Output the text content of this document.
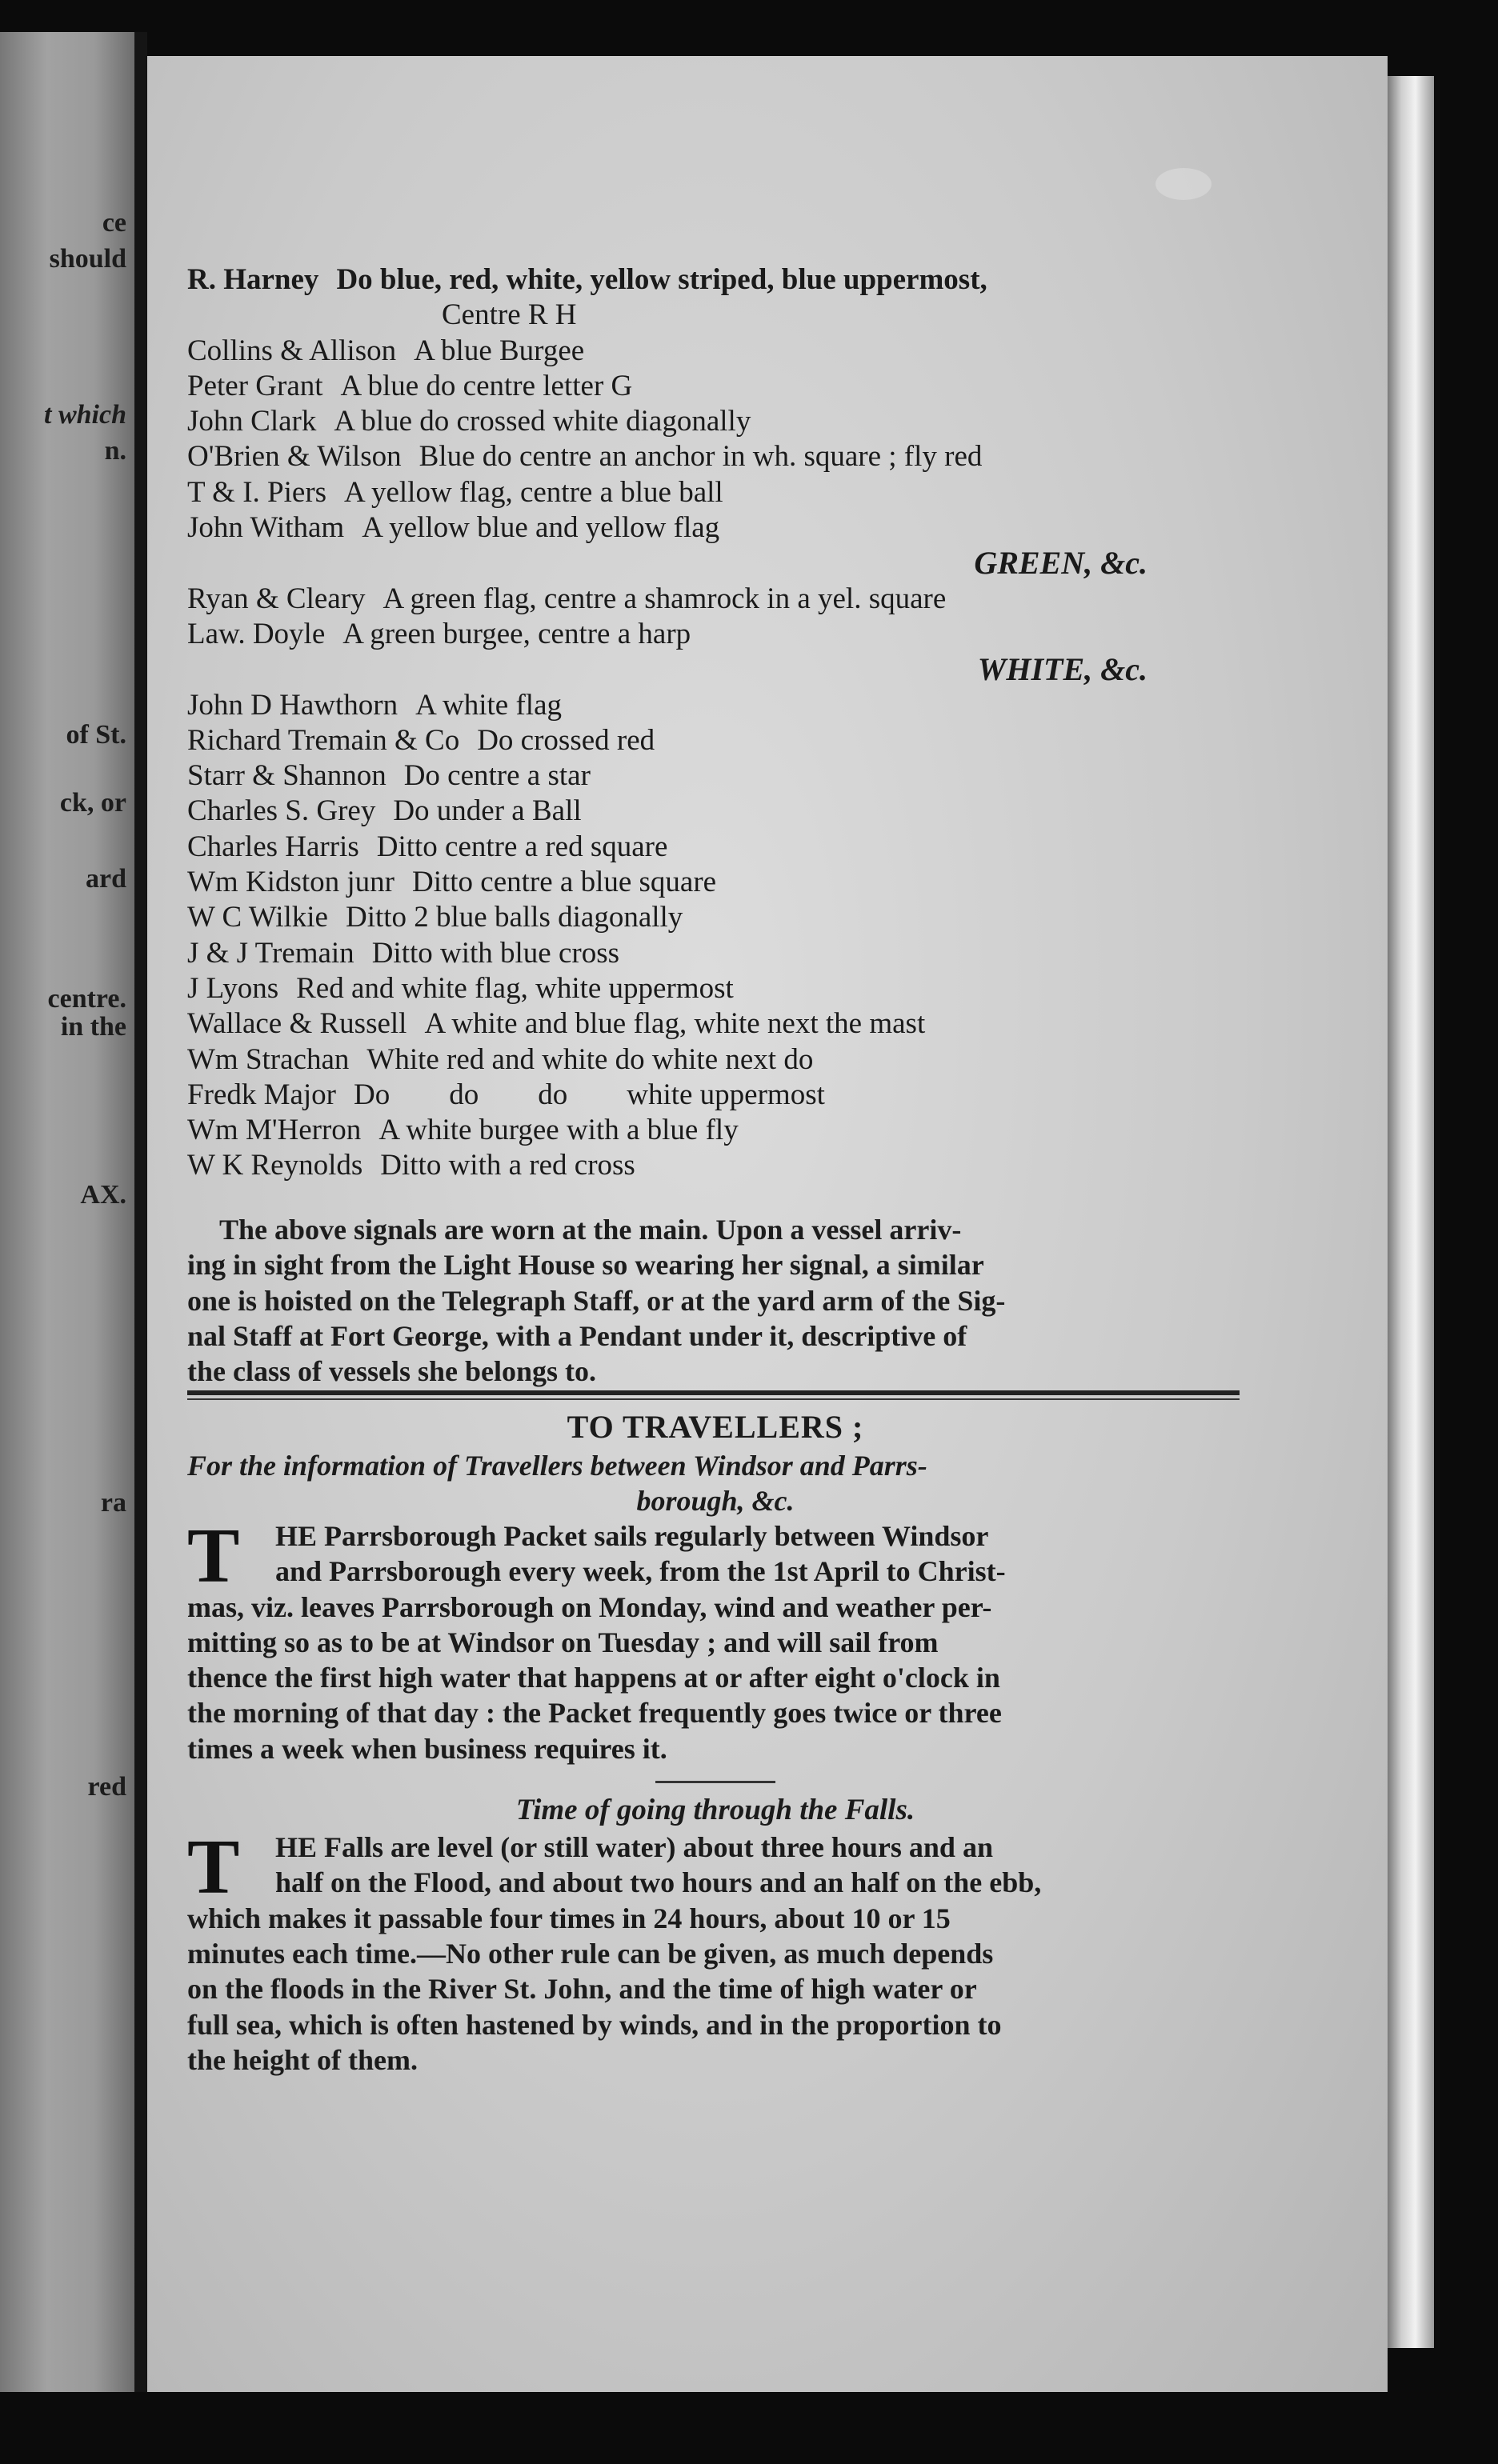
ce
should
t which
n.
of St.
ck, or
ard
centre.
in the
AX.
ra
red
R. Harney Do blue, red, white, yellow striped, blue uppermost,
Centre R H
Collins & Allison A blue Burgee
Peter Grant A blue do centre letter G
John Clark A blue do crossed white diagonally
O'Brien & Wilson Blue do centre an anchor in wh. square ; fly red
T & I. Piers A yellow flag, centre a blue ball
John Witham A yellow blue and yellow flag
GREEN, &c.
Ryan & Cleary A green flag, centre a shamrock in a yel. square
Law. Doyle A green burgee, centre a harp
WHITE, &c.
John D Hawthorn A white flag
Richard Tremain & Co Do crossed red
Starr & Shannon Do centre a star
Charles S. Grey Do under a Ball
Charles Harris Ditto centre a red square
Wm Kidston junr Ditto centre a blue square
W C Wilkie Ditto 2 blue balls diagonally
J & J Tremain Ditto with blue cross
J Lyons Red and white flag, white uppermost
Wallace & Russell A white and blue flag, white next the mast
Wm Strachan White red and white do white next do
Fredk Major Do        do        do        white uppermost
Wm M'Herron A white burgee with a blue fly
W K Reynolds Ditto with a red cross
The above signals are worn at the main. Upon a vessel arriv-
ing in sight from the Light House so wearing her signal, a similar
one is hoisted on the Telegraph Staff, or at the yard arm of the Sig-
nal Staff at Fort George, with a Pendant under it, descriptive of
the class of vessels she belongs to.
TO TRAVELLERS ;
For the information of Travellers between Windsor and Parrs-
borough, &c.
T	HE Parrsborough Packet sails regularly between Windsor
and Parrsborough every week, from the 1st April to Christ-
mas, viz. leaves Parrsborough on Monday, wind and weather per-
mitting so as to be at Windsor on Tuesday ; and will sail from
thence the first high water that happens at or after eight o'clock in
the morning of that day : the Packet frequently goes twice or three
times a week when business requires it.
Time of going through the Falls.
T	HE Falls are level (or still water) about three hours and an
half on the Flood, and about two hours and an half on the ebb,
which makes it passable four times in 24 hours, about 10 or 15
minutes each time.—No other rule can be given, as much depends
on the floods in the River St. John, and the time of high water or
full sea, which is often hastened by winds, and in the proportion to
the height of them.
